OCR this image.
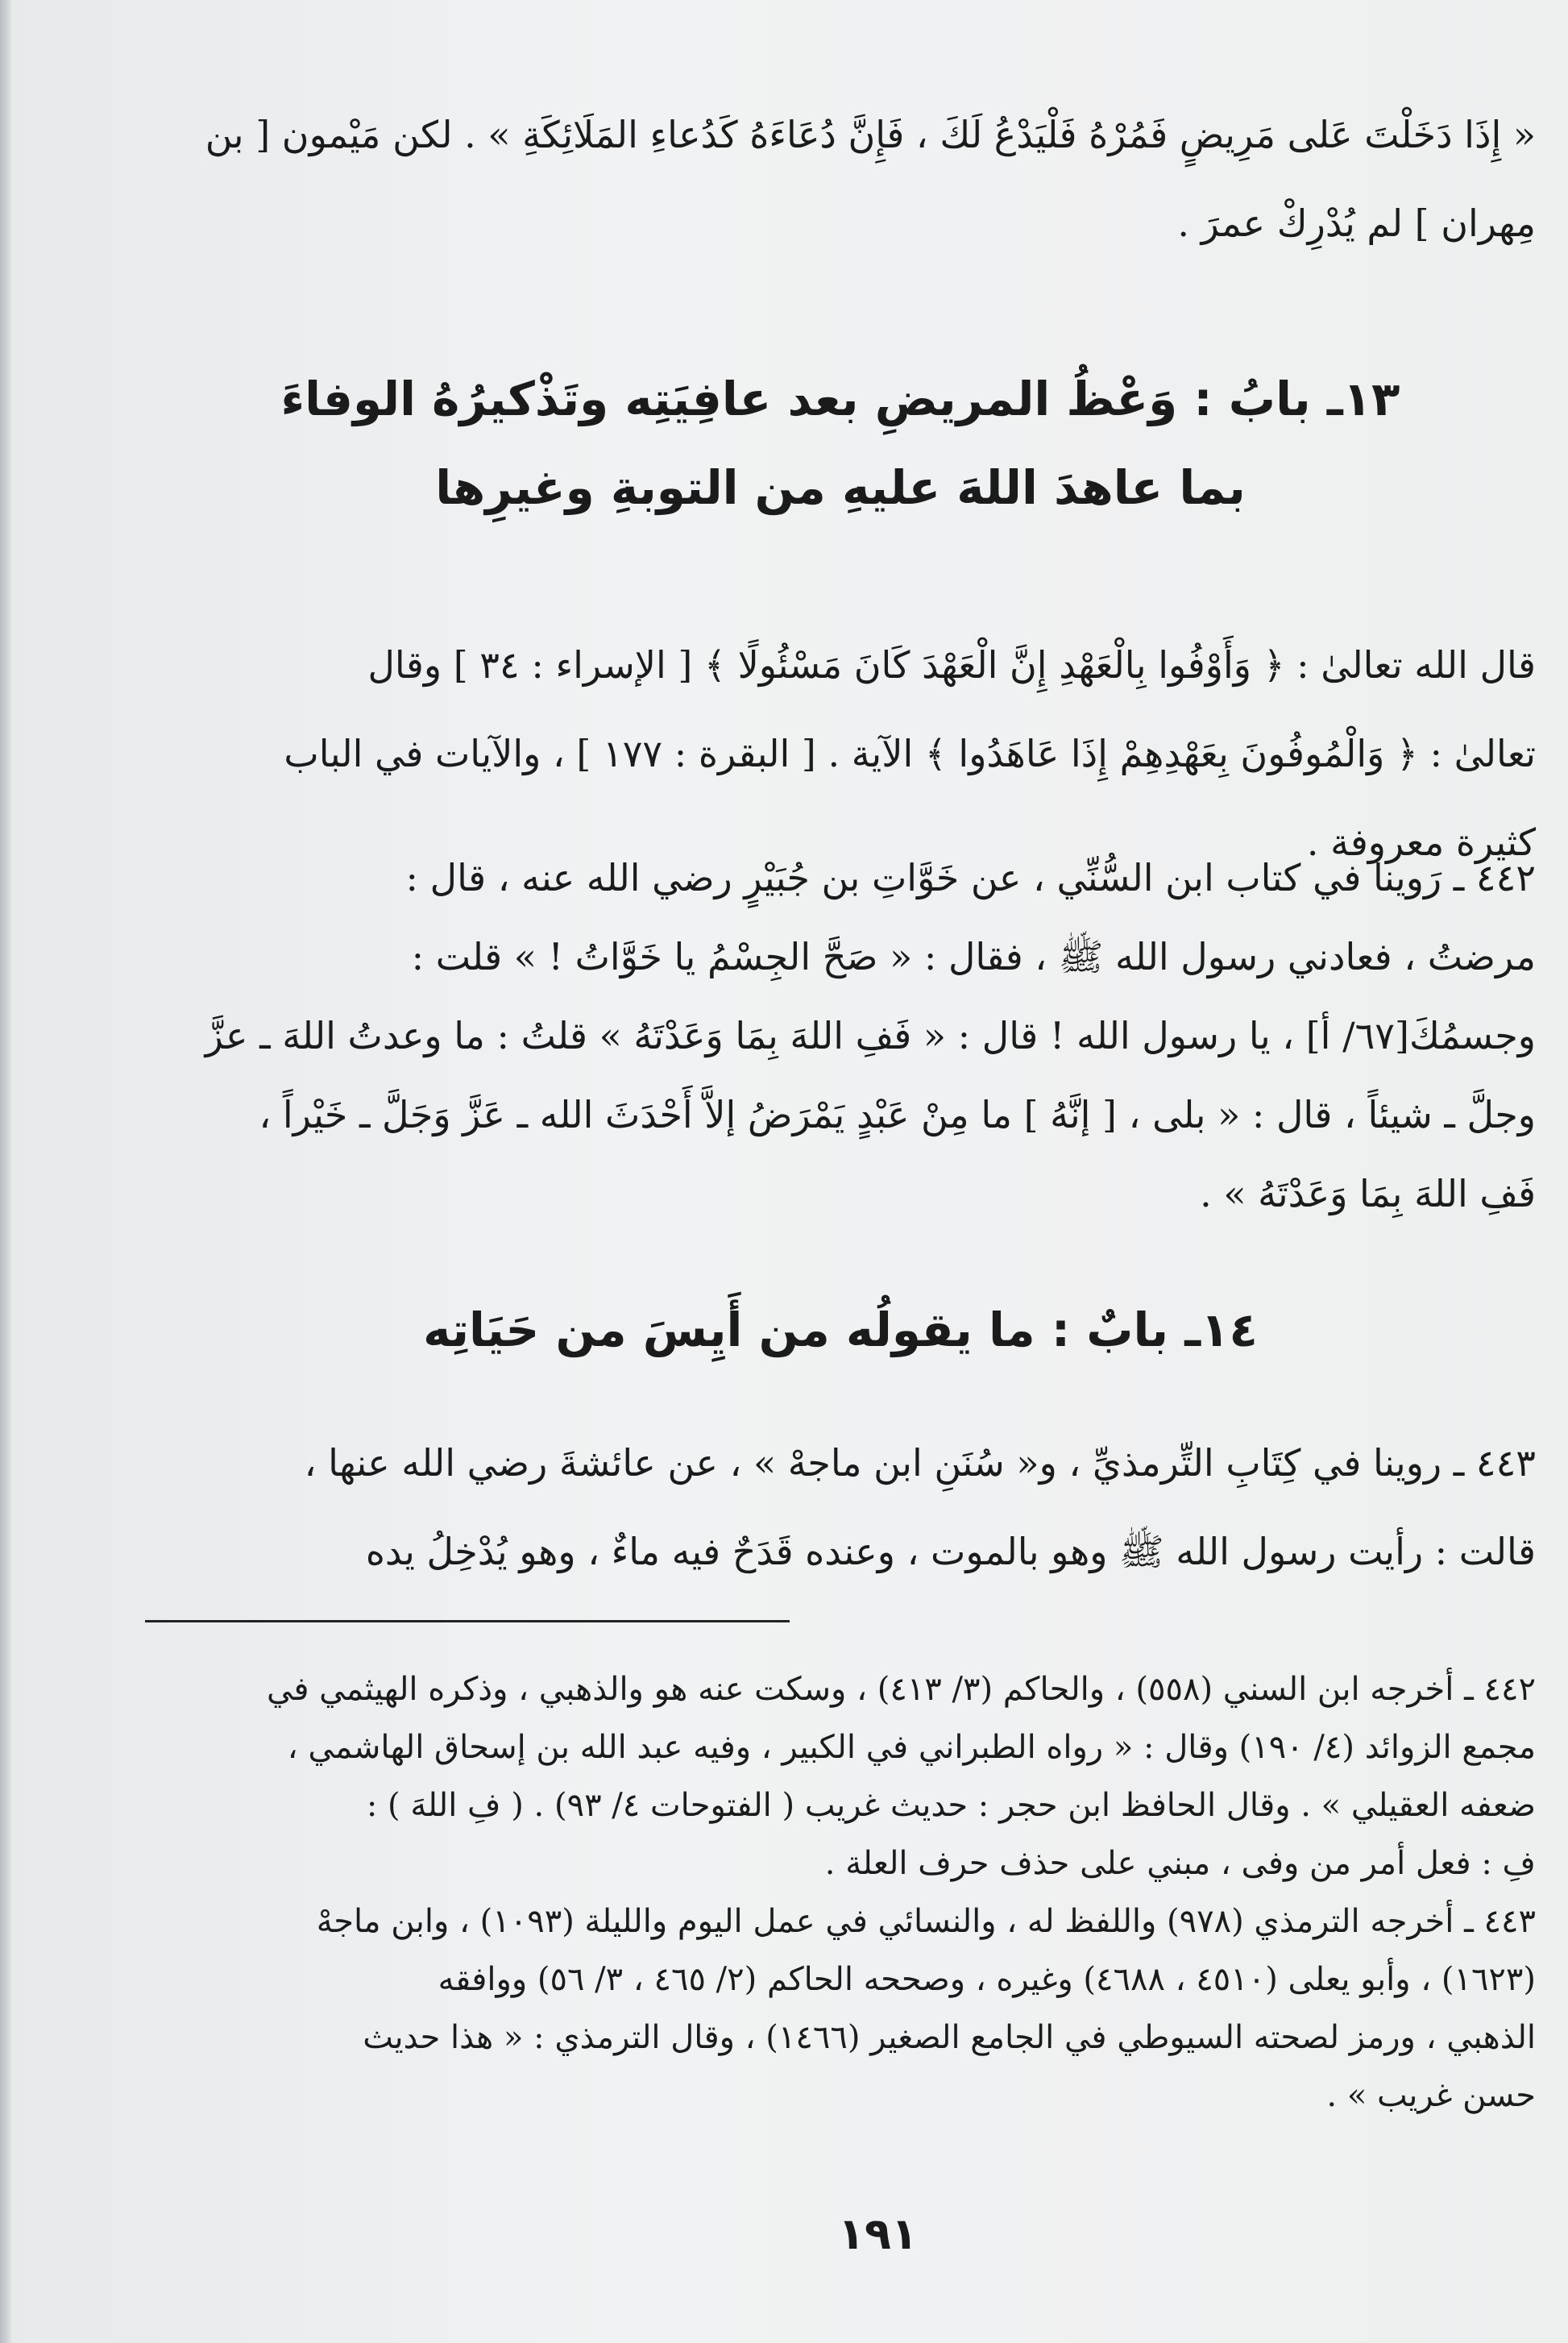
« إِذَا دَخَلْتَ عَلى مَرِيضٍ فَمُرْهُ فَلْيَدْعُ لَكَ ، فَإِنَّ دُعَاءَهُ كَدُعاءِ المَلَائِكَةِ » . لكن مَيْمون [ بن
مِهران ] لم يُدْرِكْ عمرَ .
١٣ـ بابُ : وَعْظُ المريضِ بعد عافِيَتِه وتَذْكيرُهُ الوفاءَ
بما عاهدَ اللهَ عليهِ من التوبةِ وغيرِها
قال الله تعالىٰ : ﴿ وَأَوْفُوا بِالْعَهْدِ إِنَّ الْعَهْدَ كَانَ مَسْئُولًا ﴾ [ الإسراء : ٣٤ ] وقال
تعالىٰ : ﴿ وَالْمُوفُونَ بِعَهْدِهِمْ إِذَا عَاهَدُوا ﴾ الآية . [ البقرة : ١٧٧ ] ، والآيات في الباب
كثيرة معروفة .
٤٤٢ ـ رَوينا في كتاب ابن السُّنِّي ، عن خَوَّاتِ بن جُبَيْرٍ رضي الله عنه ، قال :
مرضتُ ، فعادني رسول الله ﷺ ، فقال : « صَحَّ الجِسْمُ يا خَوَّاتُ ! » قلت :
وجسمُكَ[٦٧/ أ] ، يا رسول الله ! قال : « فَفِ اللهَ بِمَا وَعَدْتَهُ » قلتُ : ما وعدتُ اللهَ ـ عزَّ
وجلَّ ـ شيئاً ، قال : « بلى ، [ إنَّهُ ] ما مِنْ عَبْدٍ يَمْرَضُ إلاَّ أَحْدَثَ الله ـ عَزَّ وَجَلَّ ـ خَيْراً ،
فَفِ اللهَ بِمَا وَعَدْتَهُ » .
١٤ـ بابٌ : ما يقولُه من أَيِسَ من حَيَاتِه
٤٤٣ ـ روينا في كِتَابِ التِّرمذيِّ ، و« سُنَنِ ابن ماجهْ » ، عن عائشةَ رضي الله عنها ،
قالت : رأيت رسول الله ﷺ وهو بالموت ، وعنده قَدَحٌ فيه ماءٌ ، وهو يُدْخِلُ يده

٤٤٢ ـ أخرجه ابن السني (٥٥٨) ، والحاكم (٣/ ٤١٣) ، وسكت عنه هو والذهبي ، وذكره الهيثمي في

مجمع الزوائد (٤/ ١٩٠) وقال : « رواه الطبراني في الكبير ، وفيه عبد الله بن إسحاق الهاشمي ،

ضعفه العقيلي » . وقال الحافظ ابن حجر : حديث غريب ( الفتوحات ٤/ ٩٣) . ( فِ اللهَ ) :

فِ : فعل أمر من وفى ، مبني على حذف حرف العلة .

٤٤٣ ـ أخرجه الترمذي (٩٧٨) واللفظ له ، والنسائي في عمل اليوم والليلة (١٠٩٣) ، وابن ماجهْ

(١٦٢٣) ، وأبو يعلى (٤٥١٠ ، ٤٦٨٨) وغيره ، وصححه الحاكم (٢/ ٤٦٥ ، ٣/ ٥٦) ووافقه

الذهبي ، ورمز لصحته السيوطي في الجامع الصغير (١٤٦٦) ، وقال الترمذي : « هذا حديث

حسن غريب » .

١٩١
